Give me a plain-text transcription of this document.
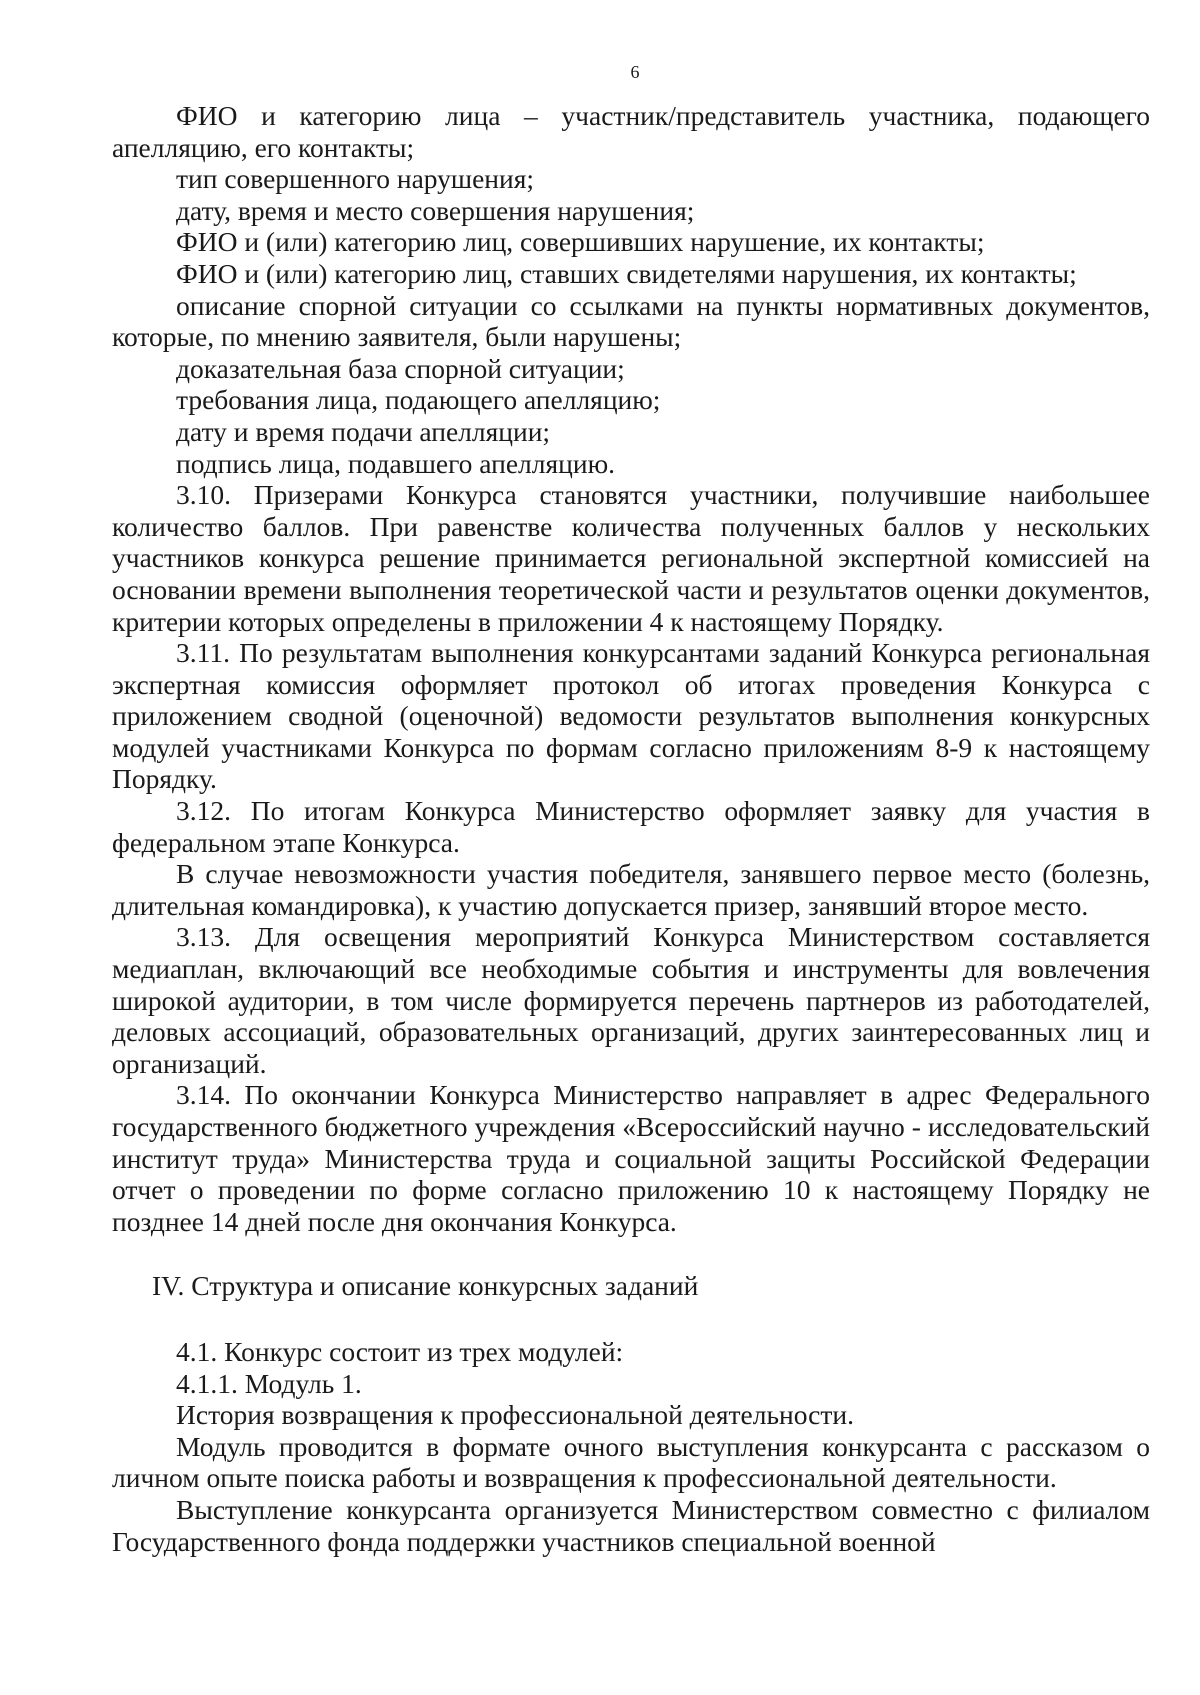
6

ФИО и категорию лица – участник/представитель участника, подающего апелляцию, его контакты;

тип совершенного нарушения;

дату, время и место совершения нарушения;

ФИО и (или) категорию лиц, совершивших нарушение, их контакты;

ФИО и (или) категорию лиц, ставших свидетелями нарушения, их контакты;

описание спорной ситуации со ссылками на пункты нормативных документов, которые, по мнению заявителя, были нарушены;

доказательная база спорной ситуации;

требования лица, подающего апелляцию;

дату и время подачи апелляции;

подпись лица, подавшего апелляцию.

3.10. Призерами Конкурса становятся участники, получившие наибольшее количество баллов. При равенстве количества полученных баллов у нескольких участников конкурса решение принимается региональной экспертной комиссией на основании времени выполнения теоретической части и результатов оценки документов, критерии которых определены в приложении 4 к настоящему Порядку.

3.11. По результатам выполнения конкурсантами заданий Конкурса региональная экспертная комиссия оформляет протокол об итогах проведения Конкурса с приложением сводной (оценочной) ведомости результатов выполнения конкурсных модулей участниками Конкурса по формам согласно приложениям 8-9 к настоящему Порядку.

3.12. По итогам Конкурса Министерство оформляет заявку для участия в федеральном этапе Конкурса.

В случае невозможности участия победителя, занявшего первое место (болезнь, длительная командировка), к участию допускается призер, занявший второе место.

3.13. Для освещения мероприятий Конкурса Министерством составляется медиаплан, включающий все необходимые события и инструменты для вовлечения широкой аудитории, в том числе формируется перечень партнеров из работодателей, деловых ассоциаций, образовательных организаций, других заинтересованных лиц и организаций.

3.14. По окончании Конкурса Министерство направляет в адрес Федерального государственного бюджетного учреждения «Всероссийский научно - исследовательский институт труда» Министерства труда и социальной защиты Российской Федерации отчет о проведении по форме согласно приложению 10 к настоящему Порядку не позднее 14 дней после дня окончания Конкурса.

IV. Структура и описание конкурсных заданий

4.1. Конкурс состоит из трех модулей:

4.1.1. Модуль 1.

История возвращения к профессиональной деятельности.

Модуль проводится в формате очного выступления конкурсанта с рассказом о личном опыте поиска работы и возвращения к профессиональной деятельности.

Выступление конкурсанта организуется Министерством совместно с филиалом Государственного фонда поддержки участников специальной военной
